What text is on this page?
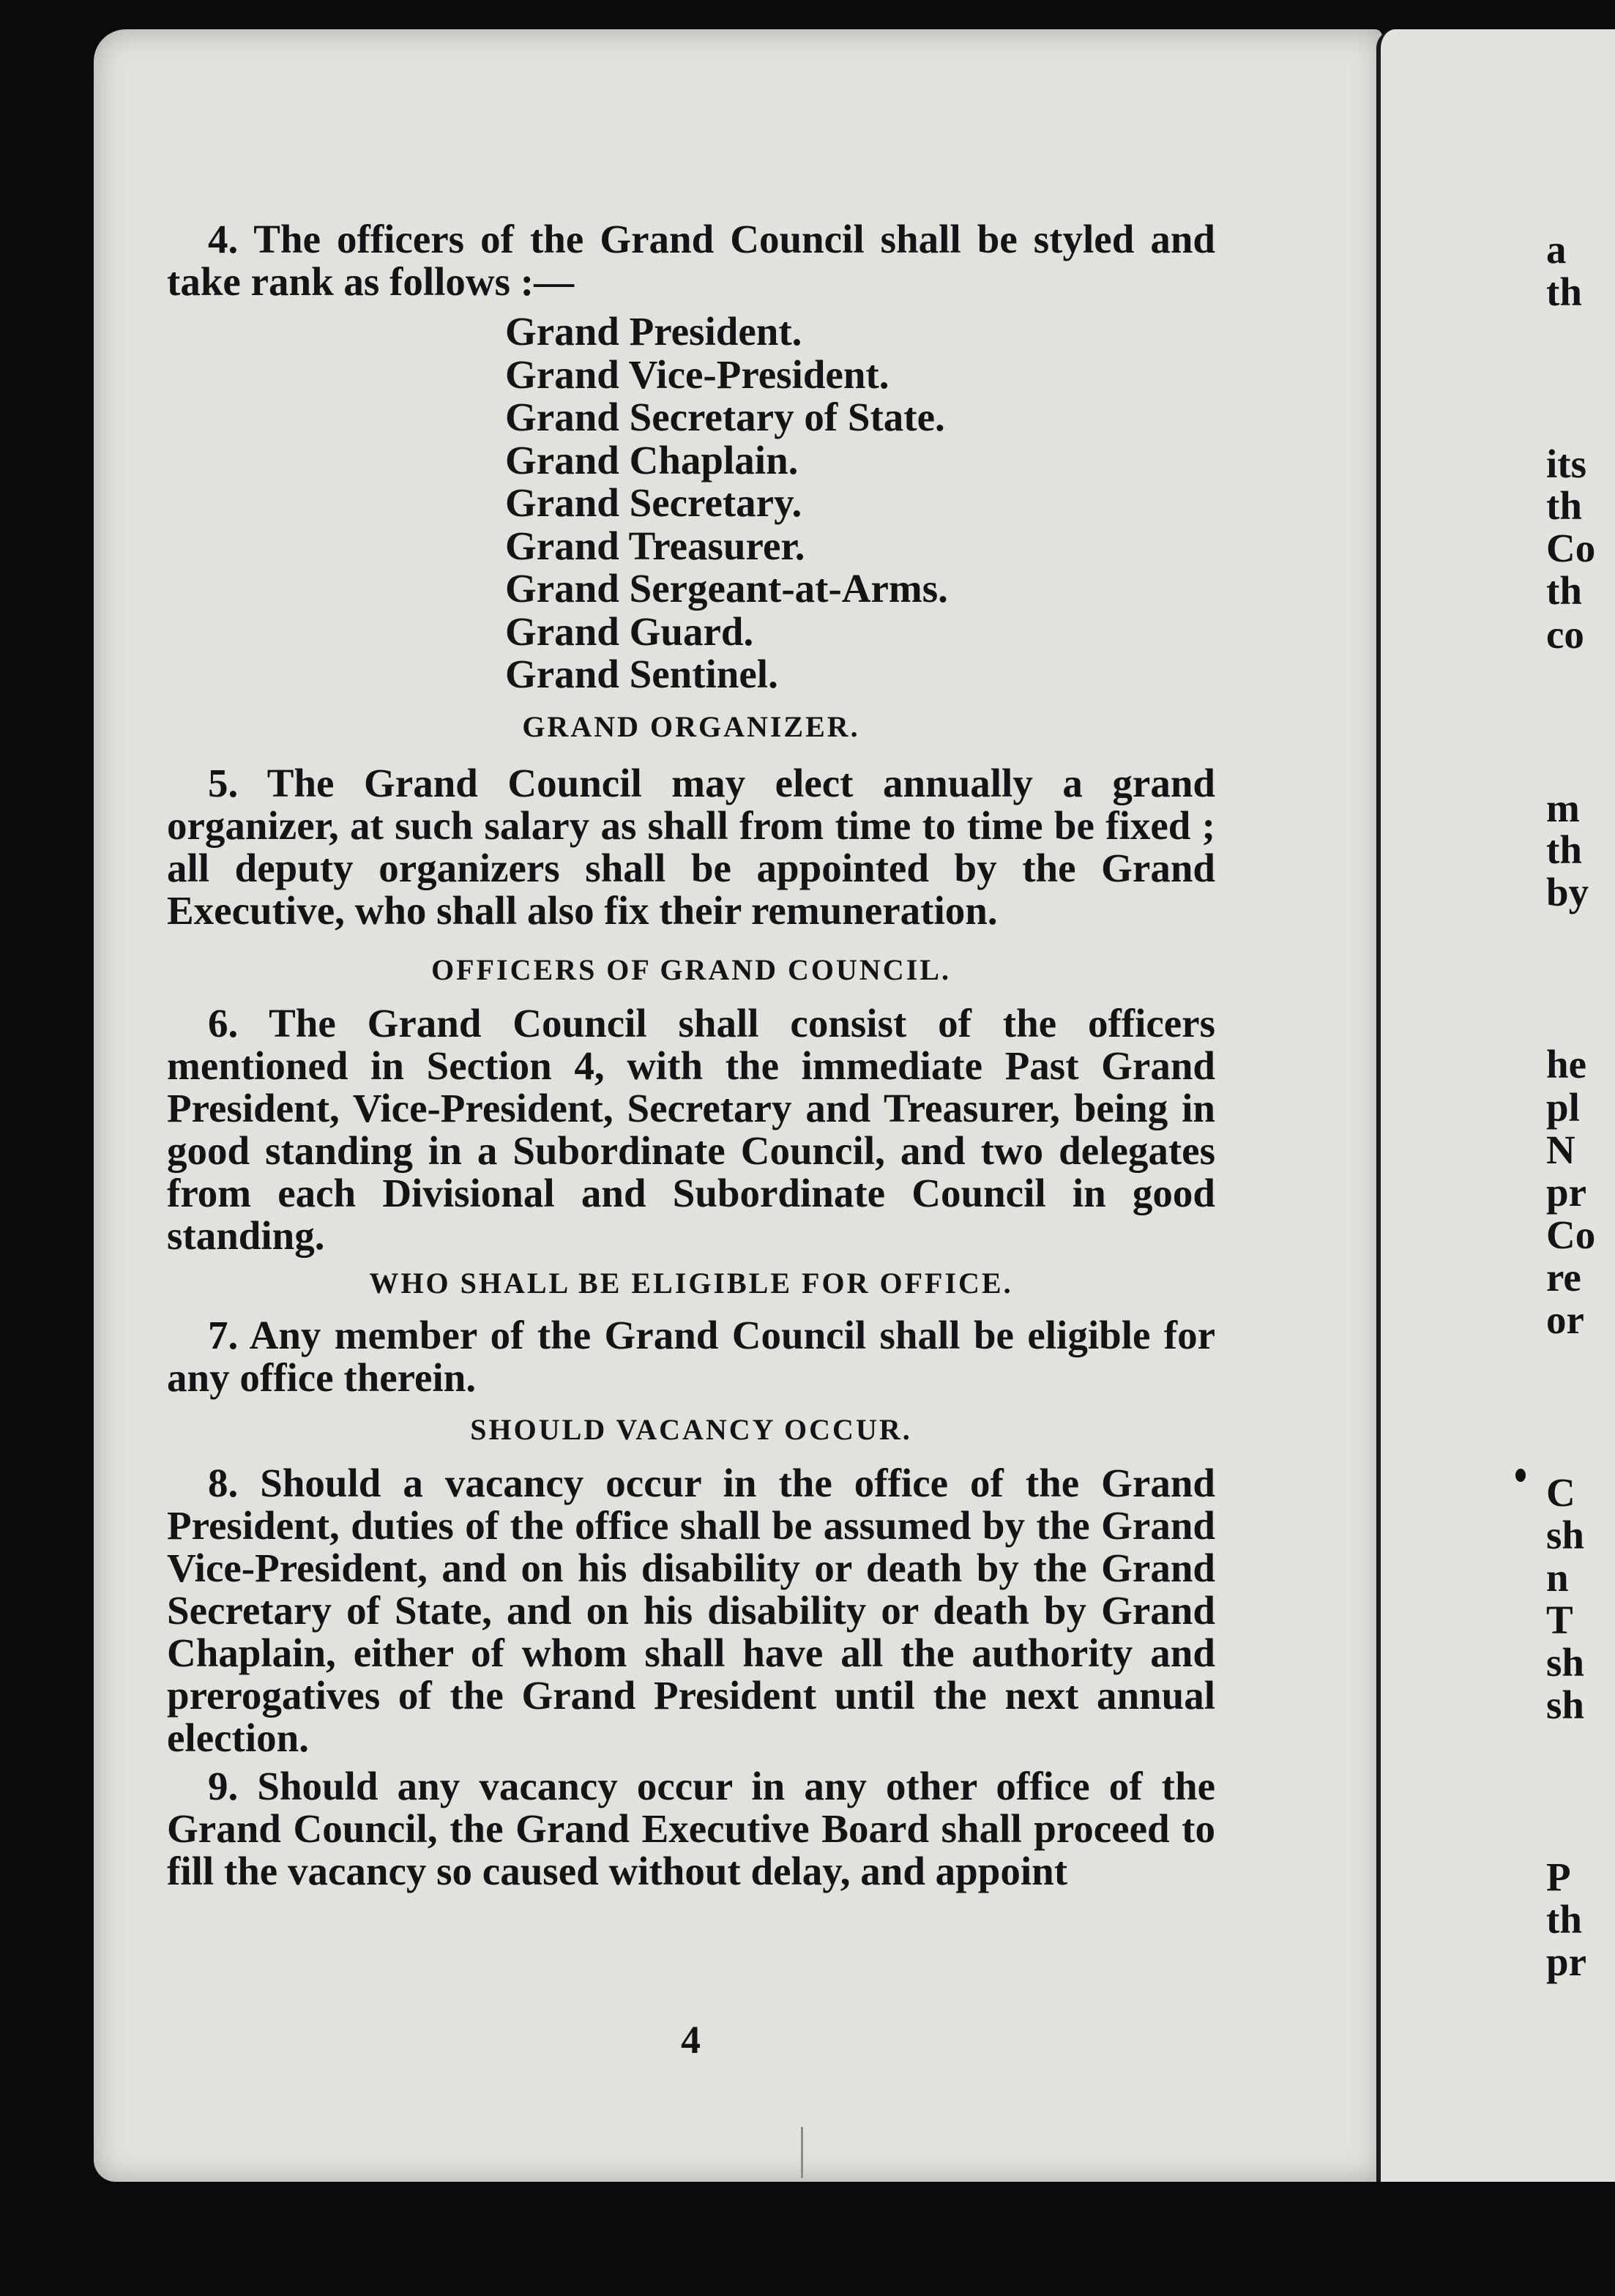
4. The officers of the Grand Council shall be styled and take rank as follows :—

Grand President.
Grand Vice-President.
Grand Secretary of State.
Grand Chaplain.
Grand Secretary.
Grand Treasurer.
Grand Sergeant-at-Arms.
Grand Guard.
Grand Sentinel.
GRAND ORGANIZER.

5. The Grand Council may elect annually a grand organizer, at such salary as shall from time to time be fixed ; all deputy organizers shall be appointed by the Grand Executive, who shall also fix their remuneration.

OFFICERS OF GRAND COUNCIL.

6. The Grand Council shall consist of the officers mentioned in Section 4, with the immediate Past Grand President, Vice-President, Secretary and Treasurer, being in good standing in a Subordinate Council, and two delegates from each Divisional and Subordinate Council in good standing.

WHO SHALL BE ELIGIBLE FOR OFFICE.

7. Any member of the Grand Council shall be eligible for any office therein.

SHOULD VACANCY OCCUR.

8. Should a vacancy occur in the office of the Grand President, duties of the office shall be assumed by the Grand Vice-President, and on his disability or death by the Grand Secretary of State, and on his disability or death by Grand Chaplain, either of whom shall have all the authority and prerogatives of the Grand President until the next annual election.

9. Should any vacancy occur in any other office of the Grand Council, the Grand Executive Board shall proceed to fill the vacancy so caused without delay, and appoint

4
a
th
its
th
Co
th
co
m
th
by
he
pl
N
pr
Co
re
or
C
sh
n
T
sh
sh
P
th
pr
